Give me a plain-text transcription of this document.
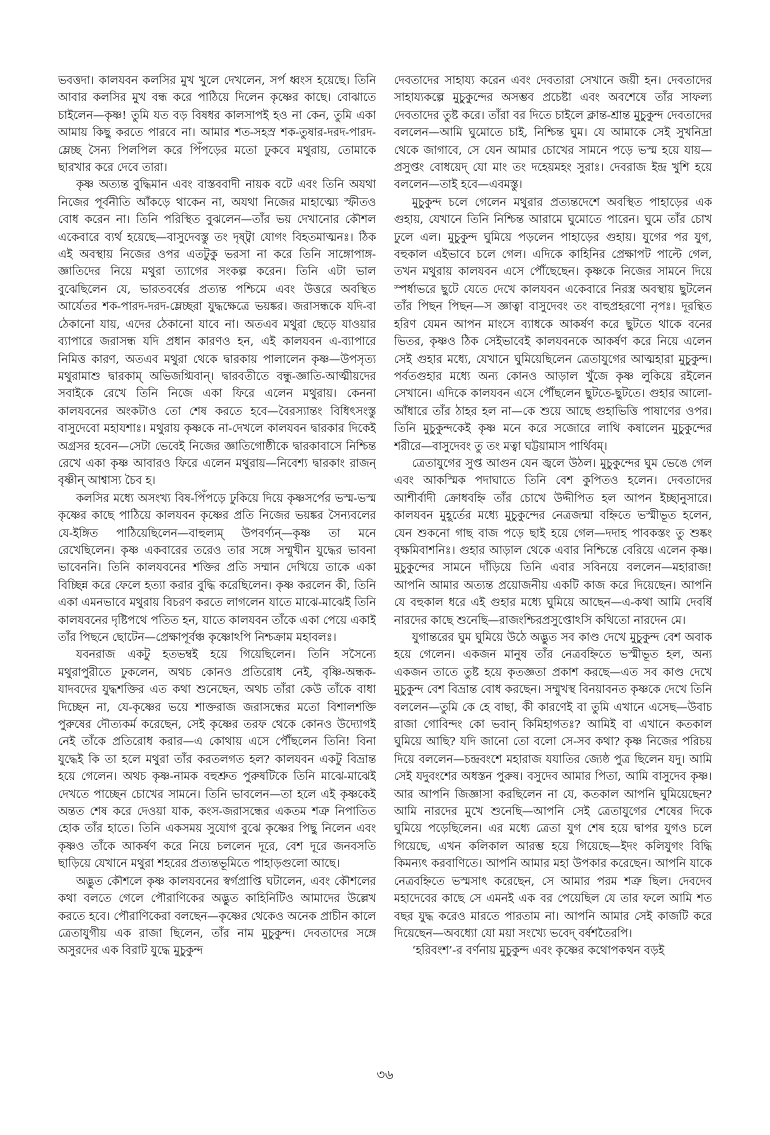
ভবত্তদা। কালযবন কলসির মুখ খুলে দেখলেন, সর্প ধ্বংস হয়েছে। তিনি আবার কলসির মুখ বন্ধ করে পাঠিয়ে দিলেন কৃষ্ণের কাছে। বোঝাতে চাইলেন—কৃষ্ণ! তুমি যত বড় বিষধর কালসাপই হও না কেন, তুমি একা আমায় কিছু করতে পারবে না। আমার শত-সহস্র শক-তুষার-দরদ-পারদ-ম্লেচ্ছ সৈন্য পিলপিল করে পিঁপড়ের মতো ঢুকবে মথুরায়, তোমাকে ছারখার করে দেবে তারা।

কৃষ্ণ অত্যন্ত বুদ্ধিমান এবং বাস্তববাদী নায়ক বটে এবং তিনি অযথা নিজের পূর্বনীতি আঁকড়ে থাকেন না, অযথা নিজের মাহাত্ম্যে স্ফীতও বোধ করেন না। তিনি পরিস্থিত বুঝলেন—তাঁর ভয় দেখানোর কৌশল একেবারে ব্যর্থ হয়েছে—বাসুদেবস্তু তং দৃষ্ট্বা যোগং বিহতমাত্মনঃ। ঠিক এই অবস্থায় নিজের ওপর এতটুকু ভরসা না করে তিনি সাঙ্গোপাঙ্গ-জ্ঞাতিদের নিয়ে মথুরা ত্যাগের সংকল্প করেন। তিনি এটা ভাল বুঝেছিলেন যে, ভারতবর্ষের প্রত্যন্ত পশ্চিমে এবং উত্তরে অবস্থিত আর্যেতর শক-পারদ-দরদ-ম্লেচ্ছরা যুদ্ধক্ষেত্রে ভয়ঙ্কর। জরাসন্ধকে যদি-বা ঠেকানো যায়, এদের ঠেকানো যাবে না। অতএব মথুরা ছেড়ে যাওয়ার ব্যাপারে জরাসন্ধ যদি প্রধান কারণও হন, এই কালযবন এ-ব্যাপারে নিমিত্ত কারণ, অতএব মথুরা থেকে দ্বারকায় পালালেন কৃষ্ণ—উপসৃত্য মথুরামাশু দ্বারকাম্ অভিজগ্মিবান্। দ্বারবতীতে বন্ধু-জ্ঞাতি-আত্মীয়দের সবাইকে রেখে তিনি নিজে একা ফিরে এলেন মথুরায়। কেননা কালযবনের অংকটাও তো শেষ করতে হবে—বৈরস্যান্তং বিধিৎসংস্তু বাসুদেবো মহাযশাঃ। মথুরায় কৃষ্ণকে না-দেখলে কালযবন দ্বারকার দিকেই অগ্রসর হবেন—সেটা ভেবেই নিজের জ্ঞাতিগোষ্ঠীকে দ্বারকাবাসে নিশ্চিন্ত রেখে একা কৃষ্ণ আবারও ফিরে এলেন মথুরায়—নিবেশ্য দ্বারকাং রাজন্ বৃষ্ণীন্ আশ্বাস্য চৈব হ।

কলসির মধ্যে অসংখ্য বিষ-পিঁপড়ে ঢুকিয়ে দিয়ে কৃষ্ণসর্পের ভস্ম-ভস্ম কৃষ্ণের কাছে পাঠিয়ে কালযবন কৃষ্ণের প্রতি নিজের ভয়ঙ্কর সৈন্যবলের যে-ইঙ্গিত পাঠিয়েছিলেন—বাহুল্যম্ উপবর্ণ্যন্—কৃষ্ণ তা মনে রেখেছিলেন। কৃষ্ণ একবারের তরেও তার সঙ্গে সম্মুখীন যুদ্ধের ভাবনা ভাবেননি। তিনি কালযবনের শক্তির প্রতি সম্মান দেখিয়ে তাকে একা বিচ্ছিন্ন করে ফেলে হত্যা করার বুদ্ধি করেছিলেন। কৃষ্ণ করলেন কী, তিনি একা এমনভাবে মথুরায় বিচরণ করতে লাগলেন যাতে মাঝে-মাঝেই তিনি কালযবনের দৃষ্টিপথে পতিত হন, যাতে কালযবন তাঁকে একা পেয়ে একাই তাঁর পিছনে ছোটেন—প্রেক্ষাপূর্বঞ্চ কৃষ্ণোঽপি নিশ্চক্রাম মহাবলঃ।

যবনরাজ একটু হতভম্বই হয়ে গিয়েছিলেন। তিনি সসৈন্যে মথুরাপুরীতে ঢুকলেন, অথচ কোনও প্রতিরোধ নেই, বৃষ্ণি-অন্ধক-যাদবদের যুদ্ধশক্তির এত কথা শুনেছেন, অথচ তাঁরা কেউ তাঁকে বাধা দিচ্ছেন না, যে-কৃষ্ণের ভয়ে শাক্তরাজ জরাসন্ধের মতো বিশালশক্তি পুরুষের দৌত্যকর্ম করেছেন, সেই কৃষ্ণের তরফ থেকে কোনও উদ্যোগই নেই তাঁকে প্রতিরোধ করার—এ কোথায় এসে পৌঁছলেন তিনি! বিনা যুদ্ধেই কি তা হলে মথুরা তাঁর করতলগত হল? কালযবন একটু বিভ্রান্ত হয়ে গেলেন। অথচ কৃষ্ণ-নামক বহুশ্রুত পুরুষটিকে তিনি মাঝে-মাঝেই দেখতে পাচ্ছেন চোখের সামনে। তিনি ভাবলেন—তা হলে এই কৃষ্ণকেই অন্তত শেষ করে দেওয়া যাক, কংস-জরাসন্ধের একতম শত্রু নিপাতিত হোক তাঁর হাতে। তিনি একসময় সুযোগ বুঝে কৃষ্ণের পিছু নিলেন এবং কৃষ্ণও তাঁকে আকর্ষণ করে নিয়ে চললেন দূরে, বেশ দূরে জনবসতি ছাড়িয়ে যেখানে মথুরা শহরের প্রত্যন্তভূমিতে পাহাড়গুলো আছে।

অদ্ভুত কৌশলে কৃষ্ণ কালযবনের স্বর্গপ্রাপ্তি ঘটালেন, এবং কৌশলের কথা বলতে গেলে পৌরাণিকের অদ্ভুত কাহিনিটিও আমাদের উল্লেখ করতে হবে। পৌরাণিকেরা বলছেন—কৃষ্ণের থেকেও অনেক প্রাচীন কালে ত্রেতাযুগীয় এক রাজা ছিলেন, তাঁর নাম মুচুকুন্দ। দেবতাদের সঙ্গে অসুরদের এক বিরাট যুদ্ধে মুচুকুন্দ

দেবতাদের সাহায্য করেন এবং দেবতারা সেখানে জয়ী হন। দেবতাদের সাহায্যকল্পে মুচুকুন্দের অসম্ভব প্রচেষ্টা এবং অবশেষে তাঁর সাফল্য দেবতাদের তুষ্ট করে। তাঁরা বর দিতে চাইলে ক্লান্ত-শ্রান্ত মুচুকুন্দ দেবতাদের বললেন—আমি ঘুমোতে চাই, নিশ্চিন্ত ঘুম। যে আমাকে সেই সুখনিদ্রা থেকে জাগাবে, সে যেন আমার চোখের সামনে পড়ে ভস্ম হয়ে যায়—প্রসুপ্তং বোধয়েদ্ যো মাং তং দহেয়মহং সুরাঃ। দেবরাজ ইন্দ্র খুশি হয়ে বললেন—তাই হবে—এবমস্তু।

মুচুকুন্দ চলে গেলেন মথুরার প্রত্যন্তদেশে অবস্থিত পাহাড়ের এক গুহায়, যেখানে তিনি নিশ্চিন্ত আরামে ঘুমোতে পারেন। ঘুমে তাঁর চোখ ঢুলে এল। মুচুকুন্দ ঘুমিয়ে পড়লেন পাহাড়ের গুহায়। যুগের পর যুগ, বহুকাল এইভাবে চলে গেল। এদিকে কাহিনির প্রেক্ষাপট পাল্টে গেল, তখন মথুরায় কালযবন এসে পৌঁছেছেন। কৃষ্ণকে নিজের সামনে দিয়ে স্পর্ধাভরে ছুটে যেতে দেখে কালযবন একেবারে নিরস্ত্র অবস্থায় ছুটলেন তাঁর পিছন পিছন—স জ্ঞাত্বা বাসুদেবং তং বাহুপ্রহরণো নৃপঃ। দূরন্থিত হরিণ যেমন আপন মাংসে ব্যাধকে আকর্ষণ করে ছুটতে থাকে বনের ভিতর, কৃষ্ণও ঠিক সেইভাবেই কালযবনকে আকর্ষণ করে নিয়ে এলেন সেই গুহার মধ্যে, যেখানে ঘুমিয়েছিলেন ত্রেতাযুগের আত্মহারা মুচুকুন্দ। পর্বতগুহার মধ্যে অন্য কোনও আড়াল খুঁজে কৃষ্ণ লুকিয়ে রইলেন সেখানে। এদিকে কালযবন এসে পৌঁছলেন ছুটতে-ছুটতে। গুহার আলো-আঁধারে তাঁর ঠাহর হল না—কে শুয়ে আছে গুহাভিত্তি পাষাণের ওপর। তিনি মুচুকুন্দকেই কৃষ্ণ মনে করে সজোরে লাথি কষালেন মুচুকুন্দের শরীরে—বাসুদেবং তু তং মত্বা ঘট্টয়ামাস পার্থিবম্।

ত্রেতাযুগের সুপ্ত আগুন যেন জ্বলে উঠল। মুচুকুন্দের ঘুম ভেঙে গেল এবং আকস্মিক পদাঘাতে তিনি বেশ কুপিতও হলেন। দেবতাদের আশীর্বাদী ক্রোধবহ্নি তাঁর চোখে উদ্দীপিত হল আপন ইচ্ছানুসারে। কালযবন মুহূর্তের মধ্যে মুচুকুন্দের নেত্রজন্মা বহ্নিতে ভস্মীভূত হলেন, যেন শুকনো গাছ বাজ পড়ে ছাই হয়ে গেল—দদাহ পাবকস্তং তু শুষ্কং বৃক্ষমিবাশনিঃ। গুহার আড়াল থেকে এবার নিশ্চিন্তে বেরিয়ে এলেন কৃষ্ণ। মুচুকুন্দের সামনে দাঁড়িয়ে তিনি এবার সবিনয়ে বললেন—মহারাজ! আপনি আমার অত্যন্ত প্রয়োজনীয় একটি কাজ করে দিয়েছেন। আপনি যে বহুকাল ধরে এই গুহার মধ্যে ঘুমিয়ে আছেন—এ-কথা আমি দেবর্ষি নারদের কাছে শুনেছি—রাজংশ্চিরপ্রসুপ্তোঽসি কথিতো নারদেন মে।

যুগান্তরের ঘুম ঘুমিয়ে উঠে অদ্ভুত সব কাণ্ড দেখে মুচুকুন্দ বেশ অবাক হয়ে গেলেন। একজন মানুষ তাঁর নেত্রবহ্নিতে ভস্মীভূত হল, অন্য একজন তাতে তুষ্ট হয়ে কৃতজ্ঞতা প্রকাশ করছে—এত সব কাণ্ড দেখে মুচুকুন্দ বেশ বিভ্রান্ত বোধ করছেন। সম্মুখস্থ বিনয়াবনত কৃষ্ণকে দেখে তিনি বললেন—তুমি কে হে বাছা, কী কারণেই বা তুমি এখানে এসেছ—উবাচ রাজা গোবিন্দং কো ভবান্ কিমিহাগতঃ? আমিই বা এখানে কতকাল ঘুমিয়ে আছি? যদি জানো তো বলো সে-সব কথা? কৃষ্ণ নিজের পরিচয় দিয়ে বললেন—চন্দ্রবংশে মহারাজ যযাতির জ্যেষ্ঠ পুত্র ছিলেন যদু। আমি সেই যদুবংশের অধস্তন পুরুষ। বসুদেব আমার পিতা, আমি বাসুদেব কৃষ্ণ। আর আপনি জিজ্ঞাসা করছিলেন না যে, কতকাল আপনি ঘুমিয়েছেন? আমি নারদের মুখে শুনেছি—আপনি সেই ত্রেতাযুগের শেষের দিকে ঘুমিয়ে পড়েছিলেন। এর মধ্যে ত্রেতা যুগ শেষ হয়ে দ্বাপর যুগও চলে গিয়েছে, এখন কলিকাল আরম্ভ হয়ে গিয়েছে—ইদং কলিযুগং বিদ্ধি কিমন্যৎ করবাণিতে। আপনি আমার মহা উপকার করেছেন। আপনি যাকে নেত্রবহ্নিতে ভস্মসাৎ করেছেন, সে আমার পরম শত্রু ছিল। দেবদেব মহাদেবের কাছে সে এমনই এক বর পেয়েছিল যে তার ফলে আমি শত বছর যুদ্ধ করেও মারতে পারতাম না। আপনি আমার সেই কাজটি করে দিয়েছেন—অবধ্যো যো ময়া সংখ্যে ভবেদ্ বর্ষশতৈরপি।

‘হরিবংশ’-র বর্ণনায় মুচুকুন্দ এবং কৃষ্ণের কথোপকথন বড়ই

৩৬
